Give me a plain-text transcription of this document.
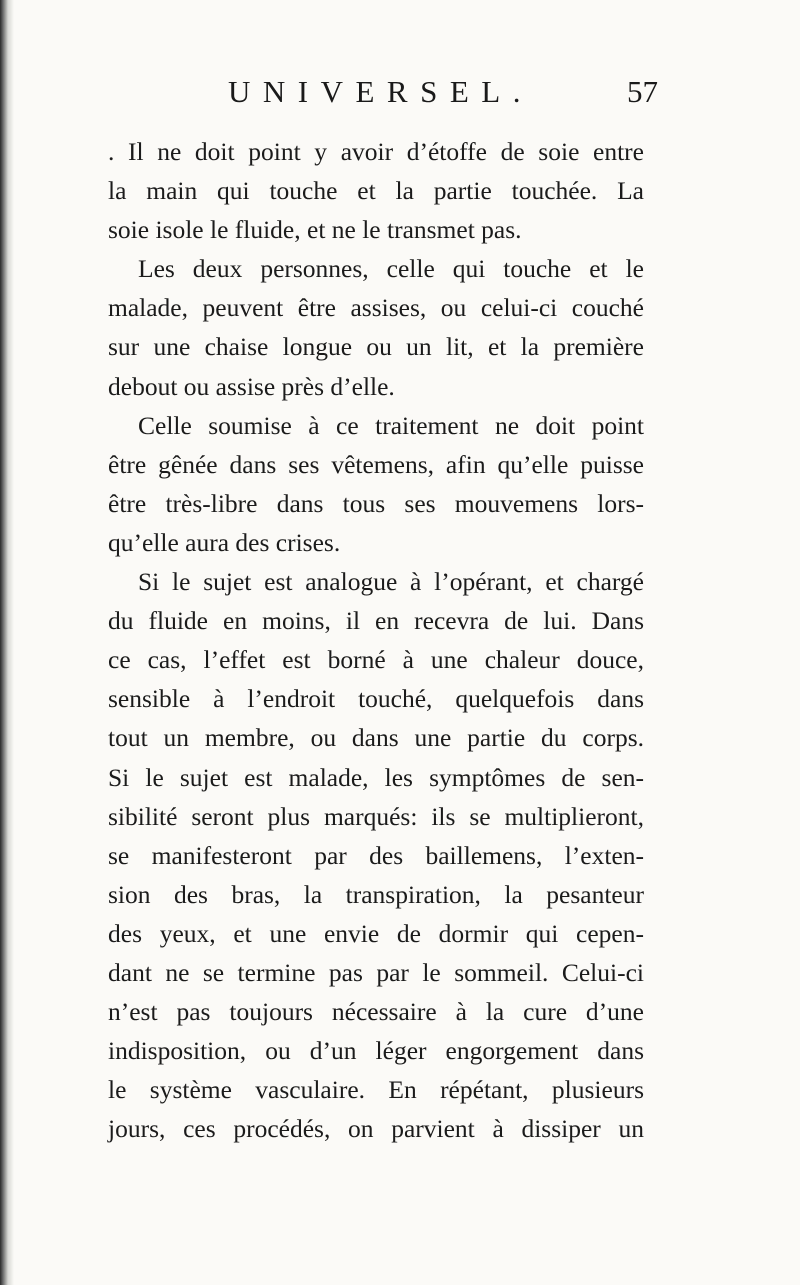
UNIVERSEL.	57
. Il ne doit point y avoir d’étoffe de soie entre
la main qui touche et la partie touchée. La
soie isole le fluide, et ne le transmet pas.
Les deux personnes, celle qui touche et le
malade, peuvent être assises, ou celui-ci couché
sur une chaise longue ou un lit, et la première
debout ou assise près d’elle.
Celle soumise à ce traitement ne doit point
être gênée dans ses vêtemens, afin qu’elle puisse
être très-libre dans tous ses mouvemens lors-
qu’elle aura des crises.
Si le sujet est analogue à l’opérant, et chargé
du fluide en moins, il en recevra de lui. Dans
ce cas, l’effet est borné à une chaleur douce,
sensible à l’endroit touché, quelquefois dans
tout un membre, ou dans une partie du corps.
Si le sujet est malade, les symptômes de sen-
sibilité seront plus marqués: ils se multiplieront,
se manifesteront par des baillemens, l’exten-
sion des bras, la transpiration, la pesanteur
des yeux, et une envie de dormir qui cepen-
dant ne se termine pas par le sommeil. Celui-ci
n’est pas toujours nécessaire à la cure d’une
indisposition, ou d’un léger engorgement dans
le système vasculaire. En répétant, plusieurs
jours, ces procédés, on parvient à dissiper un
